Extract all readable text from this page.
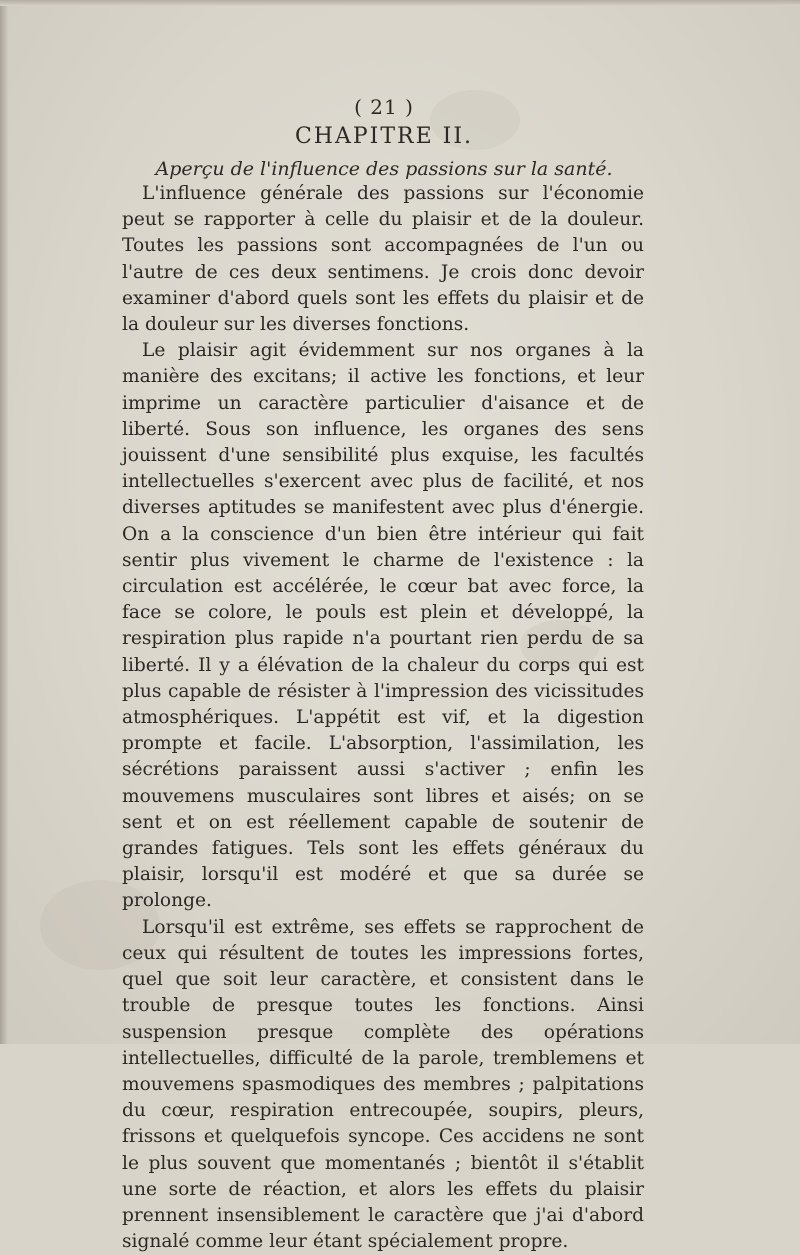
( 21 )
CHAPITRE II.
Aperçu de l'influence des passions sur la santé.

L'influence générale des passions sur l'économie peut se rapporter à celle du plaisir et de la douleur. Toutes les passions sont accompagnées de l'un ou l'autre de ces deux sentimens. Je crois donc devoir examiner d'abord quels sont les effets du plaisir et de la douleur sur les diverses fonctions.

Le plaisir agit évidemment sur nos organes à la manière des excitans; il active les fonctions, et leur imprime un caractère particulier d'aisance et de liberté. Sous son influence, les organes des sens jouissent d'une sensibilité plus exquise, les facultés intellectuelles s'exercent avec plus de facilité, et nos diverses aptitudes se manifestent avec plus d'énergie. On a la conscience d'un bien être intérieur qui fait sentir plus vivement le charme de l'existence : la circulation est accélérée, le cœur bat avec force, la face se colore, le pouls est plein et développé, la respiration plus rapide n'a pourtant rien perdu de sa liberté. Il y a élévation de la chaleur du corps qui est plus capable de résister à l'impression des vicissitudes atmosphériques. L'appétit est vif, et la digestion prompte et facile. L'absorption, l'assimilation, les sécrétions paraissent aussi s'activer ; enfin les mouvemens musculaires sont libres et aisés; on se sent et on est réellement capable de soutenir de grandes fatigues. Tels sont les effets généraux du plaisir, lorsqu'il est modéré et que sa durée se prolonge.

Lorsqu'il est extrême, ses effets se rapprochent de ceux qui résultent de toutes les impressions fortes, quel que soit leur caractère, et consistent dans le trouble de presque toutes les fonctions. Ainsi suspension presque complète des opérations intellectuelles, difficulté de la parole, tremblemens et mouvemens spasmodiques des membres ; palpitations du cœur, respiration entrecoupée, soupirs, pleurs, frissons et quelquefois syncope. Ces accidens ne sont le plus souvent que momentanés ; bientôt il s'établit une sorte de réaction, et alors les effets du plaisir prennent insensiblement le caractère que j'ai d'abord signalé comme leur étant spécialement propre.
